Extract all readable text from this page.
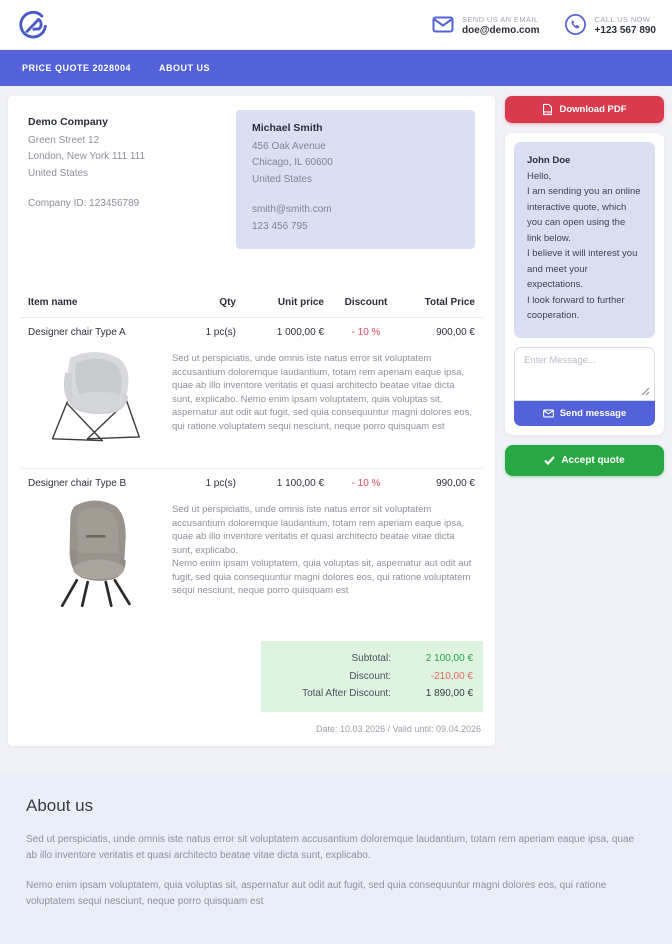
SEND US AN EMAIL
doe@demo.com
CALL US NOW
+123 567 890
PRICE QUOTE 2028004	ABOUT US
Demo Company
Green Street 12
London, New York 111 111
United States
Company ID: 123456789
Michael Smith
456 Oak Avenue
Chicago, IL 60600
United States
smith@smith.com
123 456 795
Item name	Qty	Unit price	Discount	Total Price
Designer chair Type A	1 pc(s)	1 000,00 €	- 10 %	900,00 €
Sed ut perspiciatis, unde omnis iste natus error sit voluptatem accusantium doloremque laudantium, totam rem aperiam eaque ipsa, quae ab illo inventore veritatis et quasi architecto beatae vitae dicta sunt, explicabo. Nemo enim ipsam voluptatem, quia voluptas sit, aspernatur aut odit aut fugit, sed quia consequuntur magni dolores eos, qui ratione voluptatem sequi nesciunt, neque porro quisquam est
Designer chair Type B	1 pc(s)	1 100,00 €	- 10 %	990,00 €
Sed ut perspiciatis, unde omnis iste natus error sit voluptatem accusantium doloremque laudantium, totam rem aperiam eaque ipsa, quae ab illo inventore veritatis et quasi architecto beatae vitae dicta sunt, explicabo.
Nemo enim ipsam voluptatem, quia voluptas sit, aspernatur aut odit aut fugit, sed quia consequuntur magni dolores eos, qui ratione voluptatem sequi nesciunt, neque porro quisquam est
Subtotal:	2 100,00 €
Discount:	-210,00 €
Total After Discount:	1 890,00 €
Date: 10.03.2026 / Valid until: 09.04.2026
PDF Download PDF
John Doe
Hello,
I am sending you an online interactive quote, which you can open using the link below.
I believe it will interest you and meet your expectations.
I look forward to further cooperation.
Enter Message...
Send message
Accept quote
About us

Sed ut perspiciatis, unde omnis iste natus error sit voluptatem accusantium doloremque laudantium, totam rem aperiam eaque ipsa, quae ab illo inventore veritatis et quasi architecto beatae vitae dicta sunt, explicabo.

Nemo enim ipsam voluptatem, quia voluptas sit, aspernatur aut odit aut fugit, sed quia consequuntur magni dolores eos, qui ratione voluptatem sequi nesciunt, neque porro quisquam est
